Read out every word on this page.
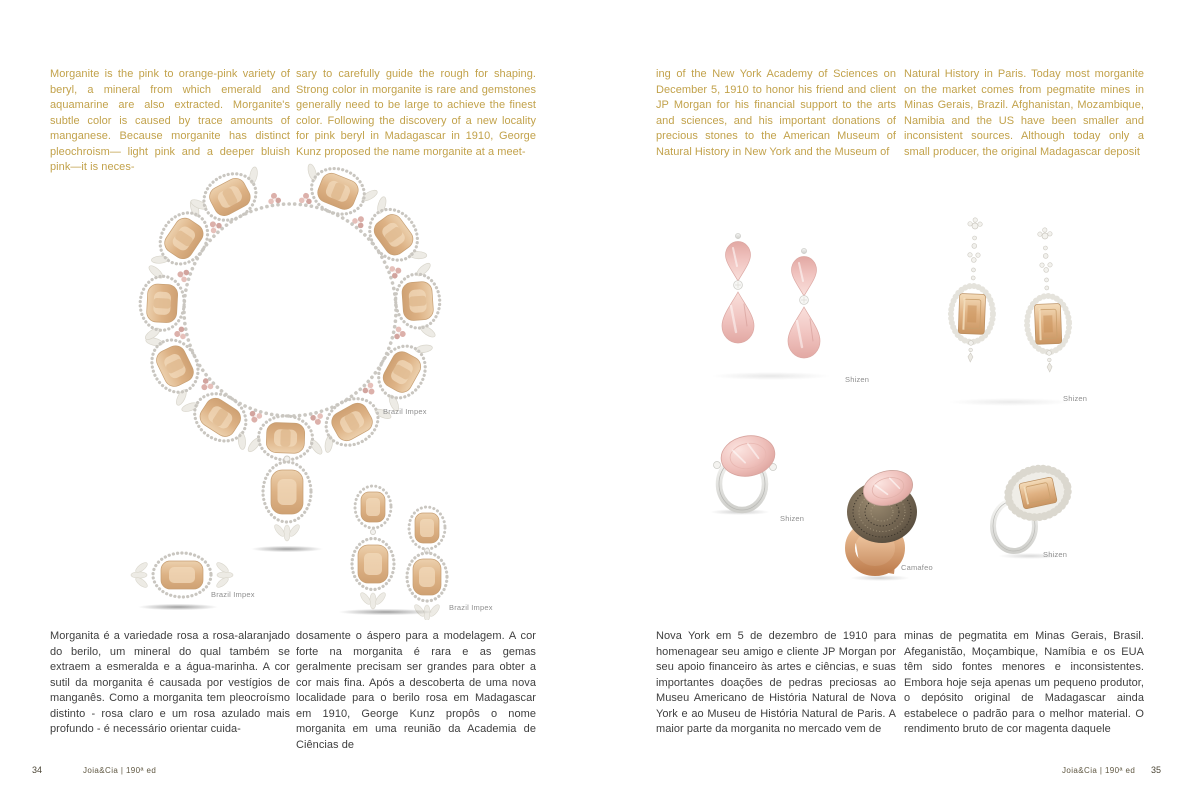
Morganite is the pink to orange-pink variety of beryl, a mineral from which emerald and aquamarine are also extracted. Morganite's subtle color is caused by trace amounts of manganese. Because morganite has distinct pleochroism— light pink and a deeper bluish pink—it is neces-
sary to carefully guide the rough for shaping. Strong color in morganite is rare and gemstones generally need to be large to achieve the finest color. Following the discovery of a new locality for pink beryl in Madagascar in 1910, George Kunz proposed the name morganite at a meet-
Morganita é a variedade rosa a rosa-alaranjado do berilo, um mineral do qual também se extraem a esmeralda e a água-marinha. A cor sutil da morganita é causada por vestígios de manganês. Como a morganita tem pleocroísmo distinto - rosa claro e um rosa azulado mais profundo - é necessário orientar cuida-
dosamente o áspero para a modelagem. A cor forte na morganita é rara e as gemas geralmente precisam ser grandes para obter a cor mais fina. Após a descoberta de uma nova localidade para o berilo rosa em Madagascar em 1910, George Kunz propôs o nome morganita em uma reunião da Academia de Ciências de
Brazil Impex
Brazil Impex
Brazil Impex
34	Joia&Cia | 190ª ed
ing of the New York Academy of Sciences on December 5, 1910 to honor his friend and client JP Morgan for his financial support to the arts and sciences, and his important donations of precious stones to the American Museum of Natural History in New York and the Museum of
Natural History in Paris. Today most morganite on the market comes from pegmatite mines in Minas Gerais, Brazil. Afghanistan, Mozambique, Namibia and the US have been smaller and inconsistent sources. Although today only a small producer, the original Madagascar deposit
Nova York em 5 de dezembro de 1910 para homenagear seu amigo e cliente JP Morgan por seu apoio financeiro às artes e ciências, e suas importantes doações de pedras preciosas ao Museu Americano de História Natural de Nova York e ao Museu de História Natural de Paris. A maior parte da morganita no mercado vem de
minas de pegmatita em Minas Gerais, Brasil. Afeganistão, Moçambique, Namíbia e os EUA têm sido fontes menores e inconsistentes. Embora hoje seja apenas um pequeno produtor, o depósito original de Madagascar ainda estabelece o padrão para o melhor material. O rendimento bruto de cor magenta daquele
Shizen
Shizen
Shizen
Camafeo
Shizen
Joia&Cia | 190ª ed 35
